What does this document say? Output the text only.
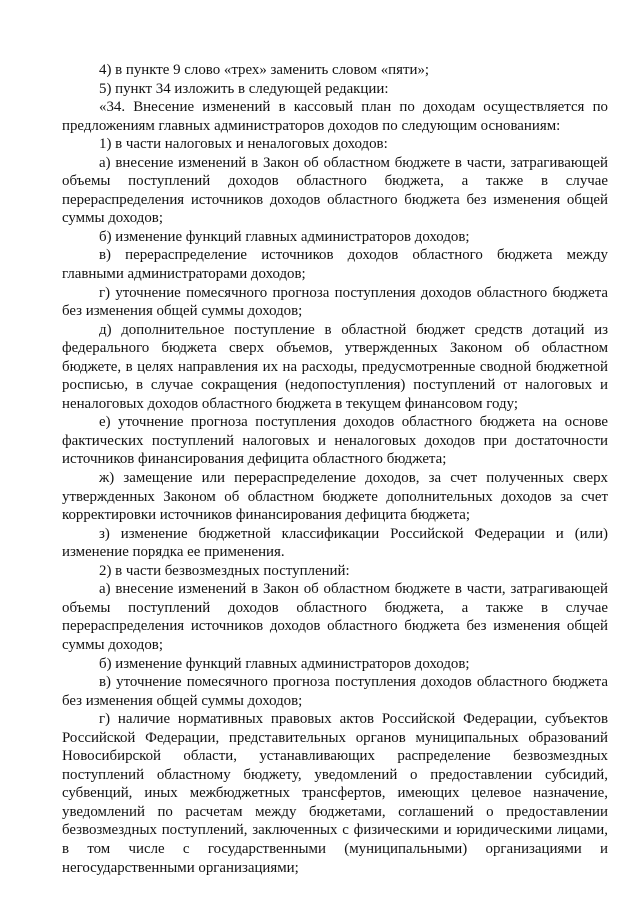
4) в пункте 9 слово «трех» заменить словом «пяти»;

5) пункт 34 изложить в следующей редакции:

«34. Внесение изменений в кассовый план по доходам осуществляется по предложениям главных администраторов доходов по следующим основаниям:

1) в части налоговых и неналоговых доходов:

а) внесение изменений в Закон об областном бюджете в части, затрагивающей объемы поступлений доходов областного бюджета, а также в случае перераспределения источников доходов областного бюджета без изменения общей суммы доходов;

б) изменение функций главных администраторов доходов;

в) перераспределение источников доходов областного бюджета между главными администраторами доходов;

г) уточнение помесячного прогноза поступления доходов областного бюджета без изменения общей суммы доходов;

д) дополнительное поступление в областной бюджет средств дотаций из федерального бюджета сверх объемов, утвержденных Законом об областном бюджете, в целях направления их на расходы, предусмотренные сводной бюджетной росписью, в случае сокращения (недопоступления) поступлений от налоговых и неналоговых доходов областного бюджета в текущем финансовом году;

е) уточнение прогноза поступления доходов областного бюджета на основе фактических поступлений налоговых и неналоговых доходов при достаточности источников финансирования дефицита областного бюджета;

ж) замещение или перераспределение доходов, за счет полученных сверх утвержденных Законом об областном бюджете дополнительных доходов за счет корректировки источников финансирования дефицита бюджета;

з) изменение бюджетной классификации Российской Федерации и (или) изменение порядка ее применения.

2) в части безвозмездных поступлений:

а) внесение изменений в Закон об областном бюджете в части, затрагивающей объемы поступлений доходов областного бюджета, а также в случае перераспределения источников доходов областного бюджета без изменения общей суммы доходов;

б) изменение функций главных администраторов доходов;

в) уточнение помесячного прогноза поступления доходов областного бюджета без изменения общей суммы доходов;

г) наличие нормативных правовых актов Российской Федерации, субъектов Российской Федерации, представительных органов муниципальных образований Новосибирской области, устанавливающих распределение безвозмездных поступлений областному бюджету, уведомлений о предоставлении субсидий, субвенций, иных межбюджетных трансфертов, имеющих целевое назначение, уведомлений по расчетам между бюджетами, соглашений о предоставлении безвозмездных поступлений, заключенных с физическими и юридическими лицами, в том числе с государственными (муниципальными) организациями и негосударственными организациями;
